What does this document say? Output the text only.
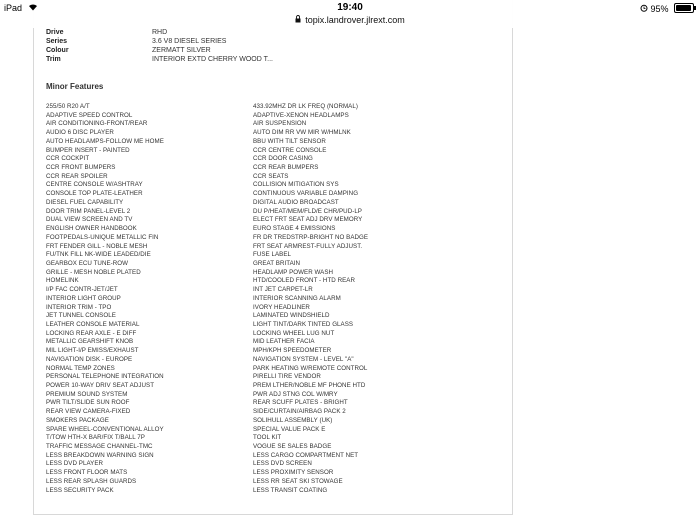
iPad	19:40
topix.landrover.jlrext.com
95%
Drive	RHD
Series	3.6 V8 DIESEL SERIES
Colour	ZERMATT SILVER
Trim	INTERIOR EXTD CHERRY WOOD T...
Minor Features
255/50 R20 A/T
ADAPTIVE SPEED CONTROL
AIR CONDITIONING-FRONT/REAR
AUDIO 6 DISC PLAYER
AUTO HEADLAMPS-FOLLOW ME HOME
BUMPER INSERT - PAINTED
CCR COCKPIT
CCR FRONT BUMPERS
CCR REAR SPOILER
CENTRE CONSOLE W/ASHTRAY
CONSOLE TOP PLATE-LEATHER
DIESEL FUEL CAPABILITY
DOOR TRIM PANEL-LEVEL 2
DUAL VIEW SCREEN AND TV
ENGLISH OWNER HANDBOOK
FOOTPEDALS-UNIQUE METALLIC FIN
FRT FENDER GILL - NOBLE MESH
FU/TNK FILL NK-WIDE LEADED/DIE
GEARBOX ECU TUNE-ROW
GRILLE - MESH NOBLE PLATED
HOMELINK
I/P FAC CONTR-JET/JET
INTERIOR LIGHT GROUP
INTERIOR TRIM - TPO
JET TUNNEL CONSOLE
LEATHER CONSOLE MATERIAL
LOCKING REAR AXLE - E DIFF
METALLIC GEARSHIFT KNOB
MIL LIGHT-I/P EMISS/EXHAUST
NAVIGATION DISK - EUROPE
NORMAL TEMP ZONES
PERSONAL TELEPHONE INTEGRATION
POWER 10-WAY DRIV SEAT ADJUST
PREMIUM SOUND SYSTEM
PWR TILT/SLIDE SUN ROOF
REAR VIEW CAMERA-FIXED
SMOKERS PACKAGE
SPARE WHEEL-CONVENTIONAL ALLOY
T/TOW HTH-X BAR/FIX T/BALL 7P
TRAFFIC MESSAGE CHANNEL-TMC
LESS BREAKDOWN WARNING SIGN
LESS DVD PLAYER
LESS FRONT FLOOR MATS
LESS REAR SPLASH GUARDS
LESS SECURITY PACK
433.92MHZ DR LK FREQ (NORMAL)
ADAPTIVE-XENON HEADLAMPS
AIR SUSPENSION
AUTO DIM RR VW MIR W/HMLNK
BBU WITH TILT SENSOR
CCR CENTRE CONSOLE
CCR DOOR CASING
CCR REAR BUMPERS
CCR SEATS
COLLISION MITIGATION SYS
CONTINUOUS VARIABLE DAMPING
DIGITAL AUDIO BROADCAST
DU P/HEAT/MEM/FLD/E CHR/PUD-LP
ELECT FRT SEAT ADJ DRV MEMORY
EURO STAGE 4 EMISSIONS
FR DR TREDSTRP-BRIGHT NO BADGE
FRT SEAT ARMREST-FULLY ADJUST.
FUSE LABEL
GREAT BRITAIN
HEADLAMP POWER WASH
HTD/COOLED FRONT - HTD REAR
INT JET CARPET-LR
INTERIOR SCANNING ALARM
IVORY HEADLINER
LAMINATED WINDSHIELD
LIGHT TINT/DARK TINTED GLASS
LOCKING WHEEL LUG NUT
MID LEATHER FACIA
MPH/KPH SPEEDOMETER
NAVIGATION SYSTEM - LEVEL "A"
PARK HEATING W/REMOTE CONTROL
PIRELLI TIRE VENDOR
PREM LTHER/NOBLE MF PHONE HTD
PWR ADJ STNG COL W/MRY
REAR SCUFF PLATES - BRIGHT
SIDE/CURTAIN/AIRBAG PACK 2
SOLIHULL ASSEMBLY (UK)
SPECIAL VALUE PACK E
TOOL KIT
VOGUE SE SALES BADGE
LESS CARGO COMPARTMENT NET
LESS DVD SCREEN
LESS PROXIMITY SENSOR
LESS RR SEAT SKI STOWAGE
LESS TRANSIT COATING
